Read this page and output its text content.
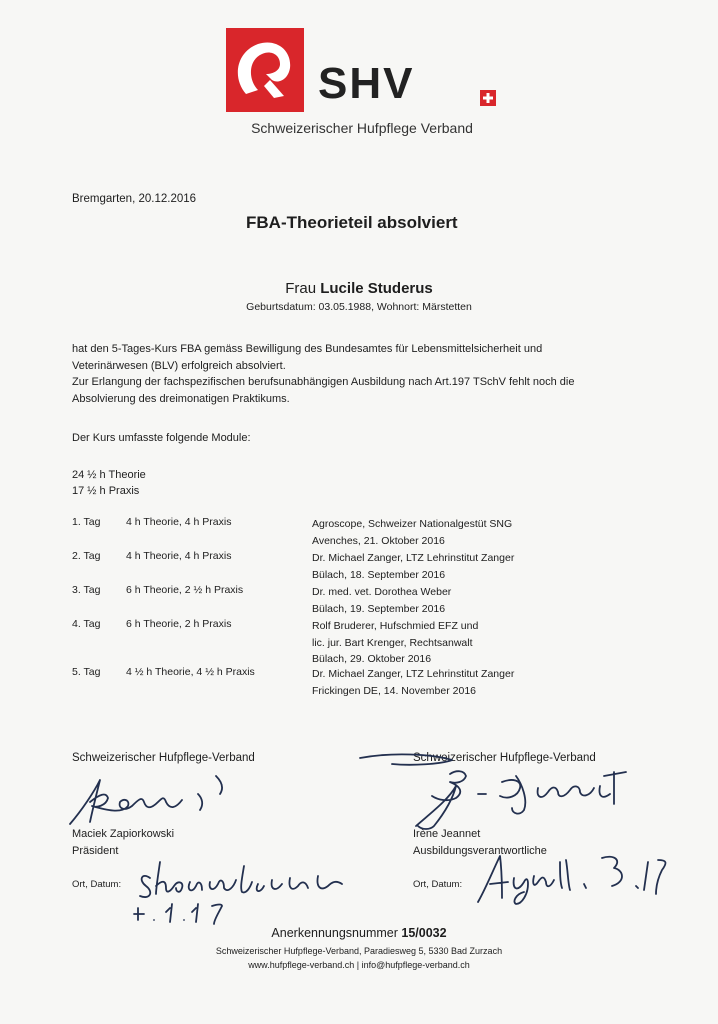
SHV
Schweizerischer Hufpflege Verband
Bremgarten, 20.12.2016
FBA-Theorieteil absolviert
Frau Lucile Studerus
Geburtsdatum: 03.05.1988, Wohnort: Märstetten

hat den 5-Tages-Kurs FBA gemäss Bewilligung des Bundesamtes für Lebensmittelsicherheit und

Veterinärwesen (BLV) erfolgreich absolviert.

Zur Erlangung der fachspezifischen berufsunabhängigen Ausbildung nach Art.197 TSchV fehlt noch die

Absolvierung des dreimonatigen Praktikums.

Der Kurs umfasste folgende Module:
24 ½ h Theorie
17 ½ h Praxis
1. Tag 4 h Theorie, 4 h Praxis	Agroscope, Schweizer Nationalgestüt SNG
Avenches, 21. Oktober 2016
2. Tag 4 h Theorie, 4 h Praxis	Dr. Michael Zanger, LTZ Lehrinstitut Zanger
Bülach, 18. September 2016
3. Tag 6 h Theorie, 2 ½ h Praxis	Dr. med. vet. Dorothea Weber
Bülach, 19. September 2016
4. Tag 6 h Theorie, 2 h Praxis	Rolf Bruderer, Hufschmied EFZ und
lic. jur. Bart Krenger, Rechtsanwalt
Bülach, 29. Oktober 2016
5. Tag 4 ½ h Theorie, 4 ½ h Praxis	Dr. Michael Zanger, LTZ Lehrinstitut Zanger
Frickingen DE, 14. November 2016
Schweizerischer Hufpflege-Verband
Maciek Zapiorkowski
Präsident
Ort, Datum:
Schweizerischer Hufpflege-Verband
Irène Jeannet
Ausbildungsverantwortliche
Ort, Datum:
Anerkennungsnummer 15/0032
Schweizerischer Hufpflege-Verband, Paradiesweg 5, 5330 Bad Zurzach
www.hufpflege-verband.ch | info@hufpflege-verband.ch
